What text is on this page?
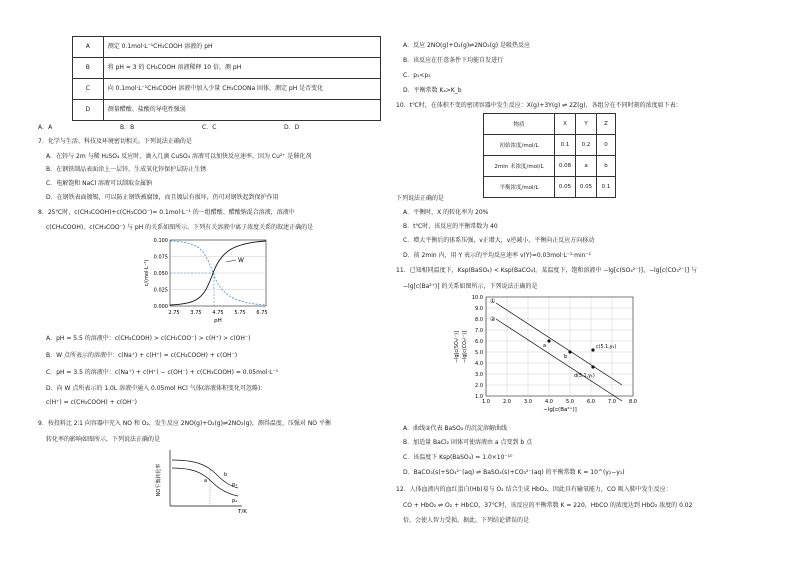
A	测定 0.1mol·L⁻¹CH₃COOH 溶液的 pH
B	将 pH = 3 的 CH₃COOH 溶液稀释 10 倍，测 pH
C	向 0.1mol·L⁻¹CH₃COOH 溶液中加入少量 CH₃COONa 固体，测定 pH 是否变化
D	测量醋酸、盐酸的导电性强弱
A．A	B．B	C．C	D．D
7．化学与生活、科技及环境密切相关。下列说法正确的是
A．在锌与 2m 与稀 H₂SO₄ 反应时，滴入几滴 CuSO₄ 溶液可以加快反应速率，因为 Cu²⁺ 是催化剂
B．在钢铁制品表面涂上一层锌，生成氧化锌保护层防止生锈
C．电解饱和 NaCl 溶液可以制取金属钠
D．在钢铁表面镀锡，可以防止钢铁被腐蚀，而且镀层有损坏，仍可对钢铁起到保护作用
8．25℃时，c(CH₃COOH)+c(CH₃COO⁻)= 0.1mol·L⁻¹ 的一组醋酸、醋酸钠混合溶液，溶液中
c(CH₃COOH)、c(CH₃COO⁻) 与 pH 的关系如图所示。下列有关溶液中离子浓度关系的叙述正确的是
0.100
0.075
0.050
0.025
0.000
2.75 3.75 4.75 5.75 6.75
pH
c/(mol·L⁻¹)	W
A．pH = 5.5 的溶液中：c(CH₃COOH) > c(CH₃COO⁻) > c(H⁺) > c(OH⁻)
B．W 点所表示的溶液中：c(Na⁺) + c(H⁺) = c(CH₃COOH) + c(OH⁻)
C．pH = 3.5 的溶液中：c(Na⁺) + c(H⁺) − c(OH⁻) + c(CH₃COOH) = 0.05mol·L⁻¹
D．向 W 点所表示的 1.0L 溶液中通入 0.05mol HCl 气体(溶液体积变化可忽略)：
c(H⁺) = c(CH₃COOH) + c(OH⁻)
9．按投料比 2∶1 向容器中充入 NO 和 O₂，发生反应 2NO(g)+O₂(g)⇌2NO₂(g)，测得温度、压强对 NO 平衡
转化率的影响如图所示，下列说法正确的是
NO平衡转化率
T/K
a
b
p₁
p₂
A．反应 2NO(g)+O₂(g)⇌2NO₂(g) 是吸热反应
B．该反应在任意条件下均能自发进行
C．p₁<p₂
D．平衡常数 Kₐ>K_b
10．t℃时，在体积不变的密闭容器中发生反应：X(g)+3Y(g) ⇌ 2Z(g)，各组分在不同时刻的浓度如下表：
物质	X	Y	Z
初始浓度/mol/L	0.1	0.2	0
2min 末浓度/mol/L	0.08	a	b
平衡浓度/mol/L	0.05	0.05	0.1
下列说法正确的是
A．平衡时，X 的转化率为 20%
B．t℃时，该反应的平衡常数为 40
C．增大平衡后的体系压强，v正增大，v逆减小，平衡向正反应方向移动
D．前 2min 内，用 Y 表示的平均反应速率 v(Y)=0.03mol·L⁻¹·min⁻¹
11．已知相同温度下，Ksp(BaSO₄) < Ksp(BaCO₃)。某温度下，饱和溶液中 −lg[c(SO₄²⁻)]、−lg[c(CO₃²⁻)] 与
−lg[c(Ba²⁺)] 的关系如图所示，下列说法正确的是
10.0
9.0
8.0
7.0
6.0
5.0
4.0
3.0
2.0
1.0
1.0	2.0	3.0	4.0	5.0	6.0	7.0	8.0
−lg[c(Ba²⁺)]
−lg[c(SO₄²⁻)] −lg[c(CO₃²⁻)]
①
②
a
b
c(5.1,y₂)
d(5.1,y₁)
A．曲线②代表 BaSO₄ 的沉淀溶解曲线
B．加适量 BaCl₂ 固体可使溶液由 a 点变到 b 点
C．该温度下 Ksp(BaSO₄) = 1.0×10⁻¹⁰
D．BaCO₃(s)+SO₄²⁻(aq) ⇌ BaSO₄(s)+CO₃²⁻(aq) 的平衡常数 K = 10^(y₂−y₁)
12．人体血液内的血红蛋白(Hb)易与 O₂ 结合生成 HbO₂，因此具有输氧能力，CO 吸入肺中发生反应：
CO + HbO₂ ⇌ O₂ + HbCO，37℃时，该反应的平衡常数 K = 220，HbCO 的浓度达到 HbO₂ 浓度的 0.02
倍，会使人智力受损。据此，下列结论错误的是
